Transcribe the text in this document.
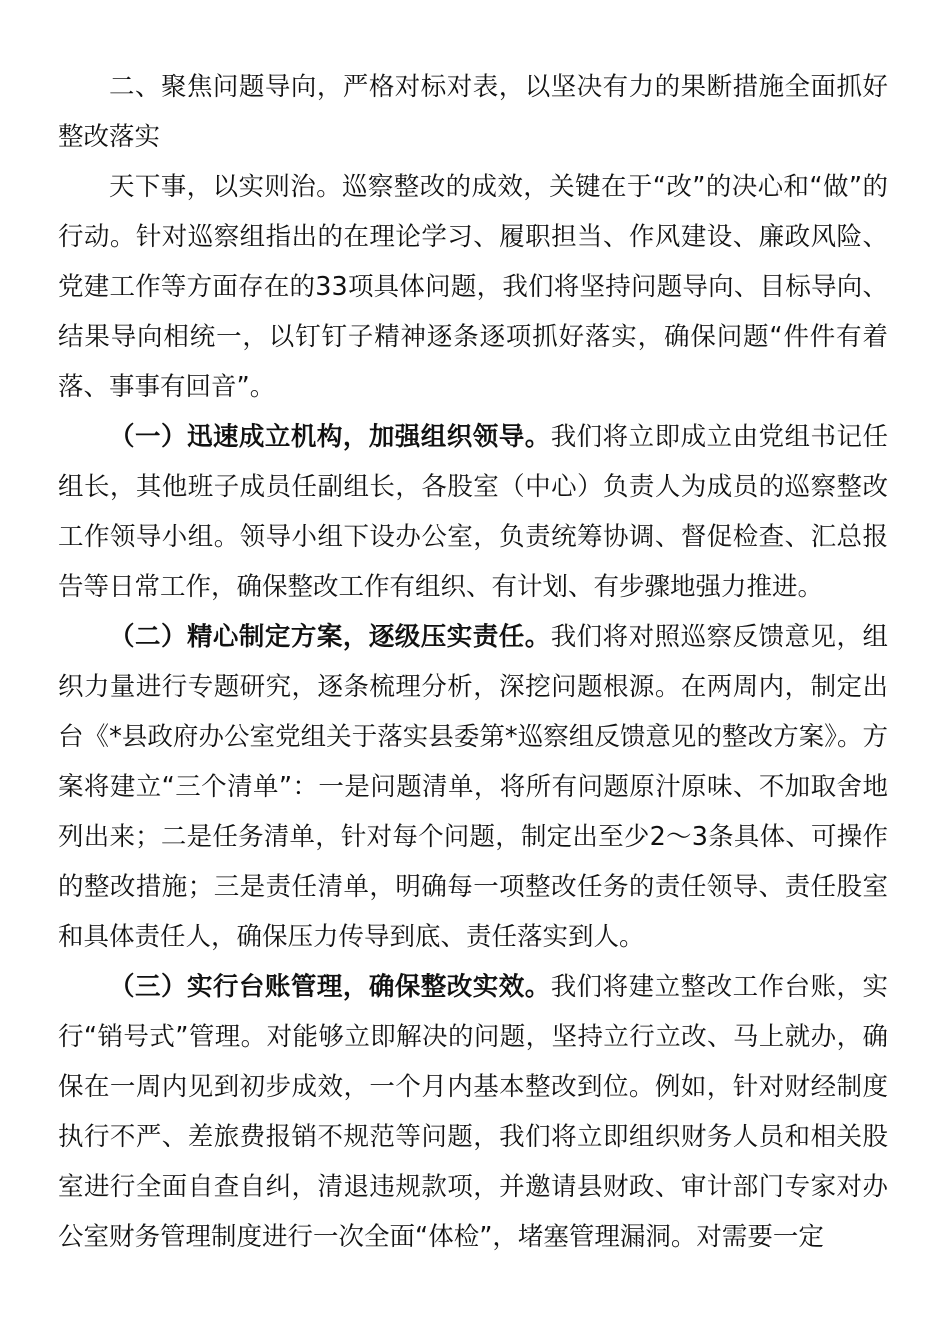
二、聚焦问题导向，严格对标对表，以坚决有力的果断措施全面抓好整改落实

天下事，以实则治。巡察整改的成效，关键在于“改”的决心和“做”的行动。针对巡察组指出的在理论学习、履职担当、作风建设、廉政风险、党建工作等方面存在的33项具体问题，我们将坚持问题导向、目标导向、结果导向相统一，以钉钉子精神逐条逐项抓好落实，确保问题“件件有着落、事事有回音”。

（一）迅速成立机构，加强组织领导。我们将立即成立由党组书记任组长，其他班子成员任副组长，各股室（中心）负责人为成员的巡察整改工作领导小组。领导小组下设办公室，负责统筹协调、督促检查、汇总报告等日常工作，确保整改工作有组织、有计划、有步骤地强力推进。

（二）精心制定方案，逐级压实责任。我们将对照巡察反馈意见，组织力量进行专题研究，逐条梳理分析，深挖问题根源。在两周内，制定出台《*县政府办公室党组关于落实县委第*巡察组反馈意见的整改方案》。方案将建立“三个清单”：一是问题清单，将所有问题原汁原味、不加取舍地列出来；二是任务清单，针对每个问题，制定出至少2～3条具体、可操作的整改措施；三是责任清单，明确每一项整改任务的责任领导、责任股室和具体责任人，确保压力传导到底、责任落实到人。

（三）实行台账管理，确保整改实效。我们将建立整改工作台账，实行“销号式”管理。对能够立即解决的问题，坚持立行立改、马上就办，确保在一周内见到初步成效，一个月内基本整改到位。例如，针对财经制度执行不严、差旅费报销不规范等问题，我们将立即组织财务人员和相关股室进行全面自查自纠，清退违规款项，并邀请县财政、审计部门专家对办公室财务管理制度进行一次全面“体检”，堵塞管理漏洞。对需要一定
